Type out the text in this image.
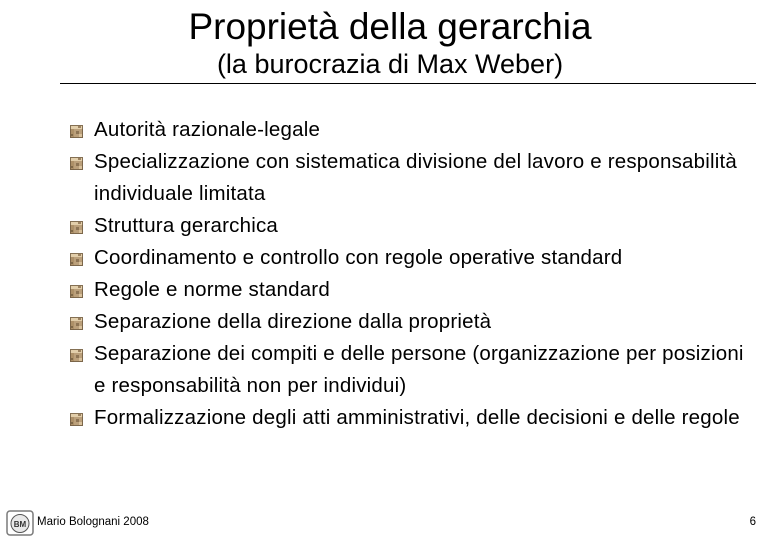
Proprietà della gerarchia
(la burocrazia di Max Weber)
Autorità razionale-legale
Specializzazione con sistematica divisione del lavoro e responsabilità individuale limitata
Struttura gerarchica
Coordinamento e controllo con regole operative standard
Regole e norme standard
Separazione della direzione dalla proprietà
Separazione dei compiti e delle persone (organizzazione per posizioni e responsabilità non per individui)
Formalizzazione degli atti amministrativi, delle decisioni e delle regole
BM Mario Bolognani 2008	6
